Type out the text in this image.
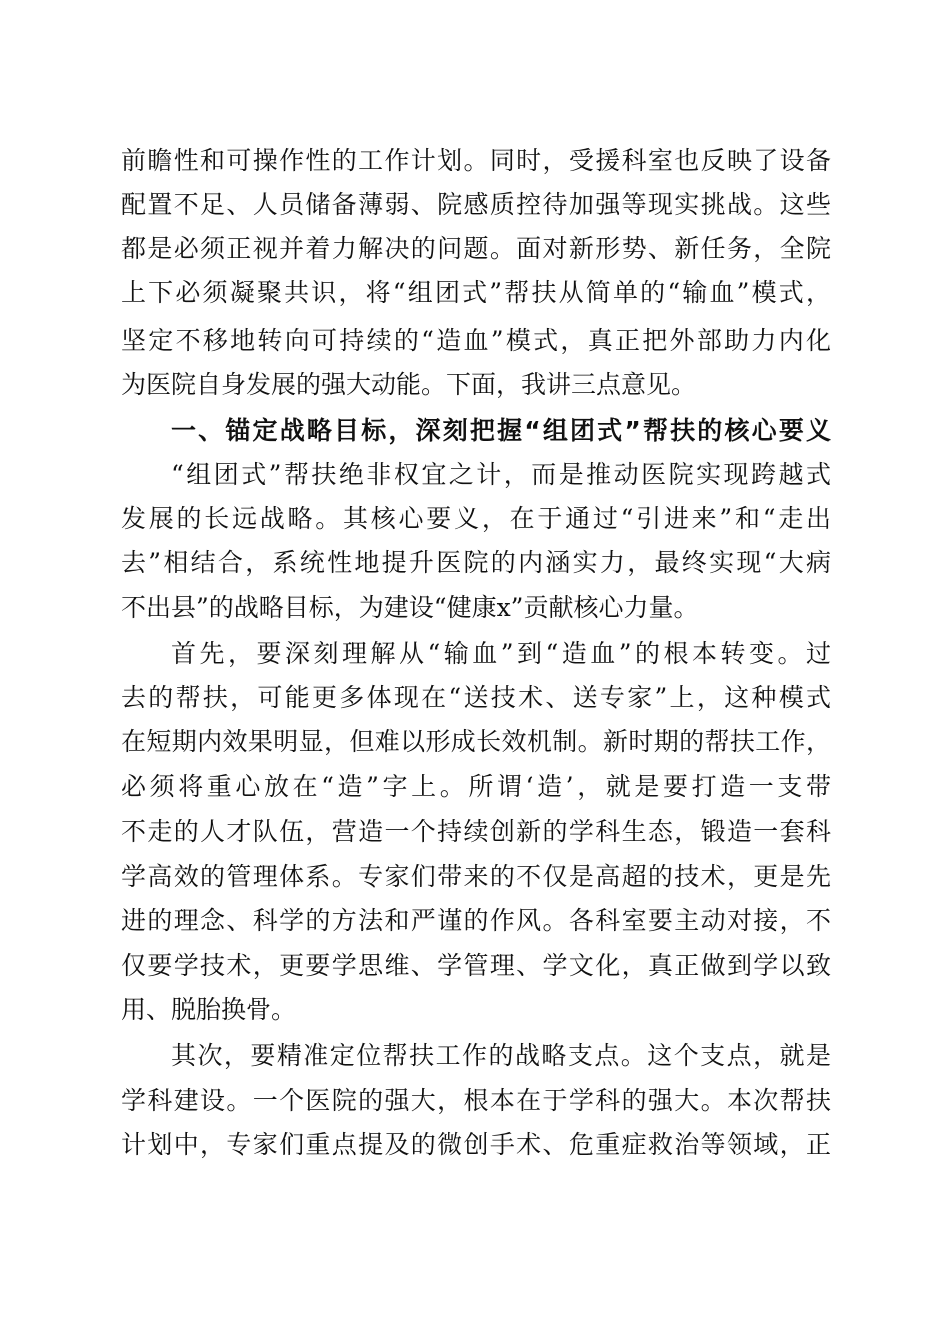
前瞻性和可操作性的工作计划。同时，受援科室也反映了设备
配置不足、人员储备薄弱、院感质控待加强等现实挑战。这些
都是必须正视并着力解决的问题。面对新形势、新任务，全院
上下必须凝聚共识，将“组团式”帮扶从简单的“输血”模式，
坚定不移地转向可持续的“造血”模式，真正把外部助力内化
为医院自身发展的强大动能。下面，我讲三点意见。
一、锚定战略目标，深刻把握“组团式”帮扶的核心要义
“组团式”帮扶绝非权宜之计，而是推动医院实现跨越式
发展的长远战略。其核心要义，在于通过“引进来”和“走出
去”相结合，系统性地提升医院的内涵实力，最终实现“大病
不出县”的战略目标，为建设“健康x”贡献核心力量。
首先，要深刻理解从“输血”到“造血”的根本转变。过
去的帮扶，可能更多体现在“送技术、送专家”上，这种模式
在短期内效果明显，但难以形成长效机制。新时期的帮扶工作，
必须将重心放在“造”字上。所谓‘造’，就是要打造一支带
不走的人才队伍，营造一个持续创新的学科生态，锻造一套科
学高效的管理体系。专家们带来的不仅是高超的技术，更是先
进的理念、科学的方法和严谨的作风。各科室要主动对接，不
仅要学技术，更要学思维、学管理、学文化，真正做到学以致
用、脱胎换骨。
其次，要精准定位帮扶工作的战略支点。这个支点，就是
学科建设。一个医院的强大，根本在于学科的强大。本次帮扶
计划中，专家们重点提及的微创手术、危重症救治等领域，正
